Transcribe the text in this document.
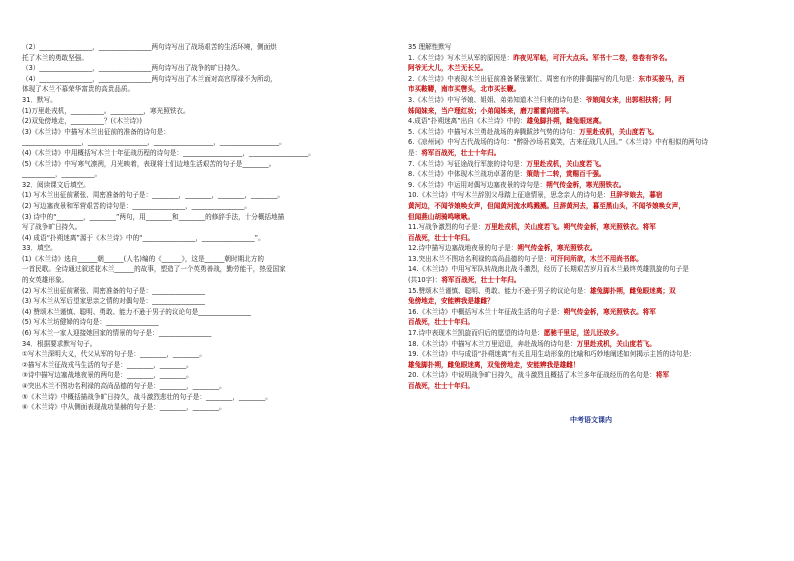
（2）________________，________________两句诗写出了战场艰苦的生活环境，侧面烘
托了木兰的勇敢坚强。
（3）________________，________________两句诗写出了战争的旷日持久。
（4）________________，________________两句诗写出了木兰面对高官厚禄不为所动，
体现了木兰不慕荣华富贵的高贵品质。
31．默写。
(1)万里赴戎机，__________。__________，寒光照铁衣。
(2)双兔傍地走，__________？(《木兰诗》)
(3)《木兰诗》中描写木兰出征前的准备的诗句是：
__________________，__________________，__________________，__________________。
(4)《木兰诗》中用概括写木兰十年征战历程的诗句是：__________________，__________________。
(5)《木兰诗》中写寒气凛冽，月光映着，表现将士们边地生活艰苦的句子是________。
__________，__________。
32．阅读课文后填空。
(1) 写木兰出征前紧张、周密准备的句子是：________，________，________，________。
(2) 写边塞夜景和军营艰苦的诗句是：________________，________________。
(3) 诗中的“________，________”两句，用________和________的修辞手法，十分概括地描
写了战争旷日持久。
(4) 成语“扑朔迷离”源于《木兰诗》中的“________________，________________”。
33．填空。
(1)《木兰诗》选自______朝______(人名)编的《______》，这是______朝时期北方的
一首民歌。全诗通过叙述花木兰______的故事，塑造了一个英勇善战，勤劳能干，热爱国家
的女英雄形象。
(2) 写木兰出征前紧张、周密准备的句子是：________________
(3) 写木兰从军后望家思亲之情的对偶句是：________________
(4) 赞颂木兰谨慎、聪明、勇敢、能力不逊于男子的议论句是________________
(5) 写木兰坊健婦的诗句是：________________
(6) 写木兰一家人迎接她回家的情景的句子是：________________
34．根据要求默写句子。
①写木兰深明大义，代父从军的句子是：________，________。
②描写木兰征战戎马生活的句子是：________，________。
③诗中描写边塞战地夜景的两句是：________，________。
④突出木兰不图功名利禄的高尚品德的句子是：________，________。
⑤《木兰诗》中概括描战争旷日持久，战斗激烈悲壮的句子是：________，________。
⑥《木兰诗》中从侧面表现战功显赫的句子是：________，________。
35 理解性默写
1.《木兰诗》写木兰从军的原因是：昨夜见军帖，可汗大点兵。军书十二卷，卷卷有爷名。
阿爷无大儿，木兰无长兄。
2.《木兰诗》中表现木兰出征前准备紧张繁忙、周密有序的排偶描写的几句是：东市买骏马，西
市买鞍鞯，南市买辔头，北市买长鞭。
3.《木兰诗》中写爷娘、姐姐、弟弟知道木兰归来的诗句是：爷娘闻女来，出郭相扶将；阿
姊闻妹来，当户理红妆；小弟闻姊来，磨刀霍霍向猪羊。
4.成语“扑朔迷离”出自《木兰诗》中的：雄兔脚扑朔，雌兔眼迷离。
5.《木兰诗》中描写木兰勇赴战场的奔腾跋涉气势的诗句：万里赴戎机，关山度若飞。
6.《凉州词》中写古代战场的诗句：“醉卧沙场君莫笑，古来征战几人回。”《木兰诗》中有相似的两句诗
是：将军百战死，壮士十年归。
7.《木兰诗》写征途战行军旅的诗句是：万里赴戎机，关山度若飞。
8.《木兰诗》中体现木兰战功卓著的是：策勋十二转，赏赐百千强。
9.《木兰诗》中运用对偶写边塞夜景的诗句是：朔气传金柝，寒光照铁衣。
10.《木兰诗》中写木兰辞别父母踏上征途情景，思念亲人的诗句是：旦辞爷娘去，暮宿
黄河边，不闻爷娘唤女声，但闻黄河流水鸣溅溅。旦辞黄河去，暮至黑山头，不闻爷娘唤女声，
但闻燕山胡骑鸣啾啾。
11.写战争激烈的句子是：万里赴戎机，关山度若飞。朔气传金柝，寒光照铁衣。将军
百战死，壮士十年归。
12.诗中描写边塞战地夜景的句子是：朔气传金柝，寒光照铁衣。
13.突出木兰不图功名利禄的高尚品德的句子是：可汗问所欲，木兰不用尚书郎。
14.《木兰诗》中用写军队转战南北战斗激烈，经历了长期艰苦岁月而木兰最终英雄凯旋的句子是
(共10字)：将军百战死，壮士十年归。
15.赞颂木兰谨慎、聪明、勇敢、能力不逊于男子的议论句是：雄兔脚扑朔，雌兔眼迷离；双
兔傍地走，安能辨我是雄雌？
16.《木兰诗》中概括写木兰十年征战生活的句子是：朔气传金柝，寒光照铁衣。将军
百战死，壮士十年归。
17.诗中表现木兰凯旋而归后的愿望的诗句是：愿驰千里足，送儿还故乡。
18.《木兰诗》中描写木兰万里迢迢，奔赴战场的诗句是：万里赴戎机，关山度若飞。
19.《木兰诗》中与成语“扑朔迷离”有关且用生动形象的比喻和巧妙地阐述如何揭示主旨的诗句是：
雄兔脚扑朔，雌兔眼迷离，双兔傍地走，安能辨我是雄雌！
20.《木兰诗》中说明战争旷日持久，战斗激烈且概括了木兰多年征战经历的名句是：将军
百战死，壮士十年归。
中考语文课内
